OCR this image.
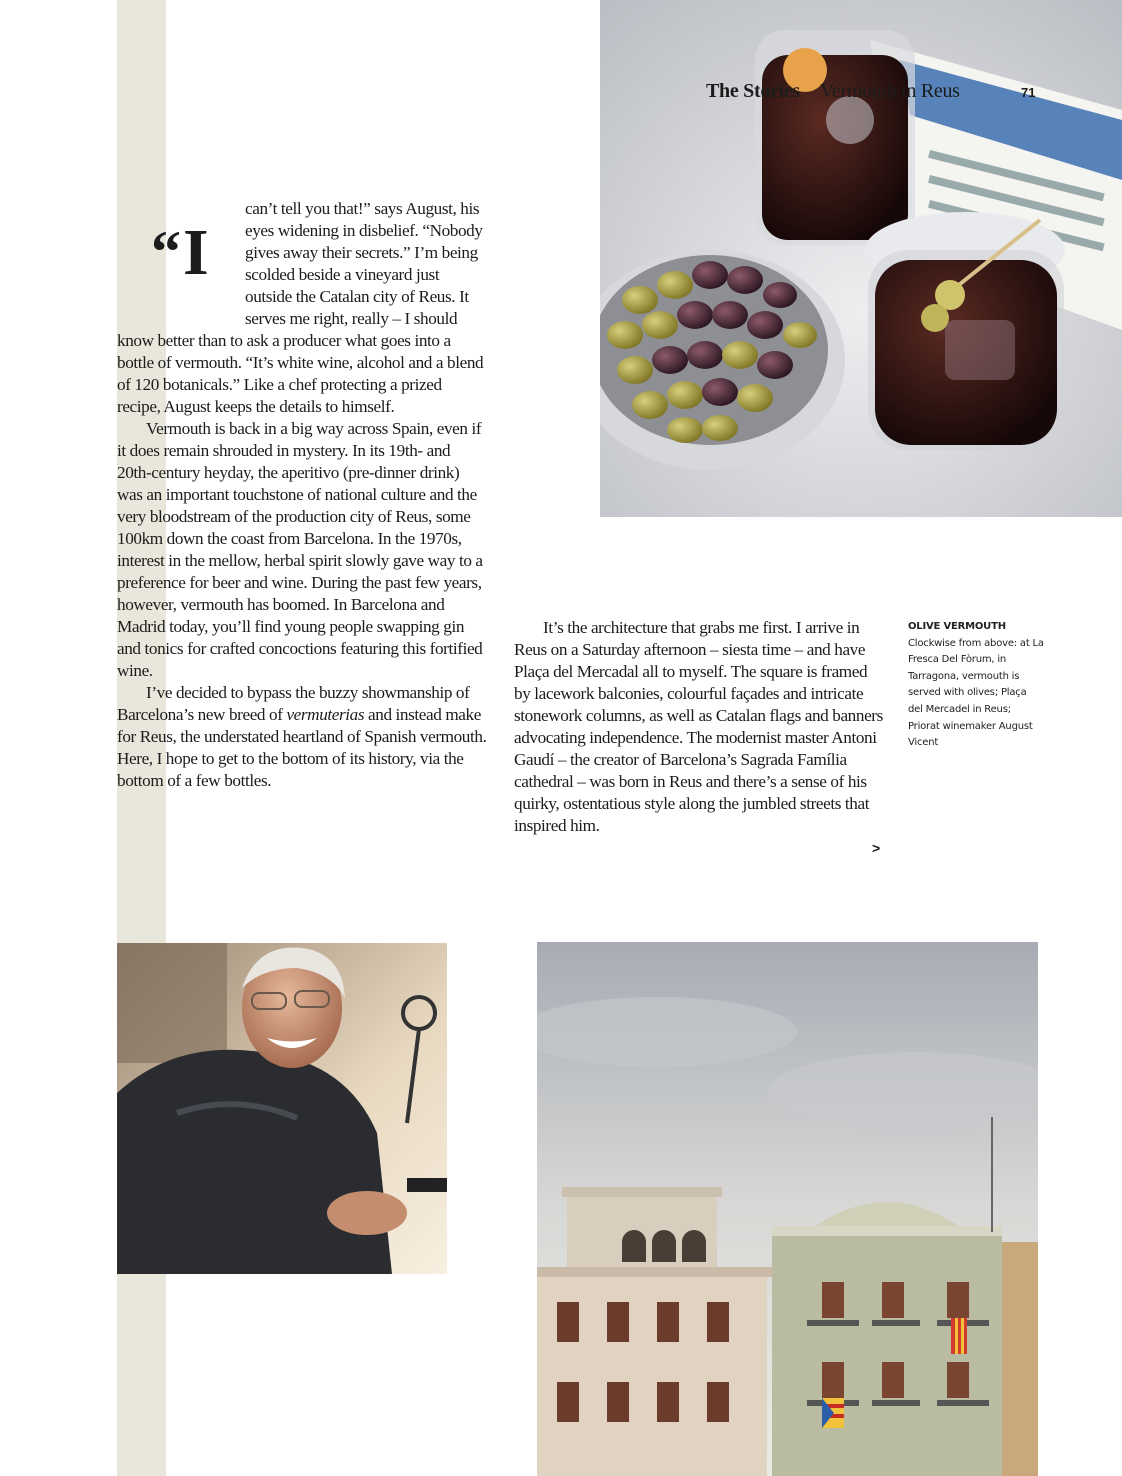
The Stories Vermouth in Reus	71
“ I

can’t tell you that!” says August, his eyes widening in disbelief. “Nobody gives away their secrets.” I’m being scolded beside a vineyard just outside the Catalan city of Reus. It serves me right, really – I should know better than to ask a producer what goes into a bottle of vermouth. “It’s white wine, alcohol and a blend of 120 botanicals.” Like a chef protecting a prized recipe, August keeps the details to himself.

Vermouth is back in a big way across Spain, even if it does remain shrouded in mystery. In its 19th- and 20th-century heyday, the aperitivo (pre-dinner drink) was an important touchstone of national culture and the very bloodstream of the production city of Reus, some 100km down the coast from Barcelona. In the 1970s, interest in the mellow, herbal spirit slowly gave way to a preference for beer and wine. During the past few years, however, vermouth has boomed. In Barcelona and Madrid today, you’ll find young people swapping gin and tonics for crafted concoctions featuring this fortified wine.

I’ve decided to bypass the buzzy showmanship of Barcelona’s new breed of vermuterias and instead make for Reus, the understated heartland of Spanish vermouth. Here, I hope to get to the bottom of its history, via the bottom of a few bottles.

It’s the architecture that grabs me first. I arrive in Reus on a Saturday afternoon – siesta time – and have Plaça del Mercadal all to myself. The square is framed by lacework balconies, colourful façades and intricate stonework columns, as well as Catalan flags and banners advocating independence. The modernist master Antoni Gaudí – the creator of Barcelona’s Sagrada Família cathedral – was born in Reus and there’s a sense of his quirky, ostentatious style along the jumbled streets that inspired him.

>
OLIVE VERMOUTH
Clockwise from above: at La Fresca Del Fòrum, in Tarragona, vermouth is served with olives; Plaça del Mercadel in Reus; Priorat winemaker August Vicent
